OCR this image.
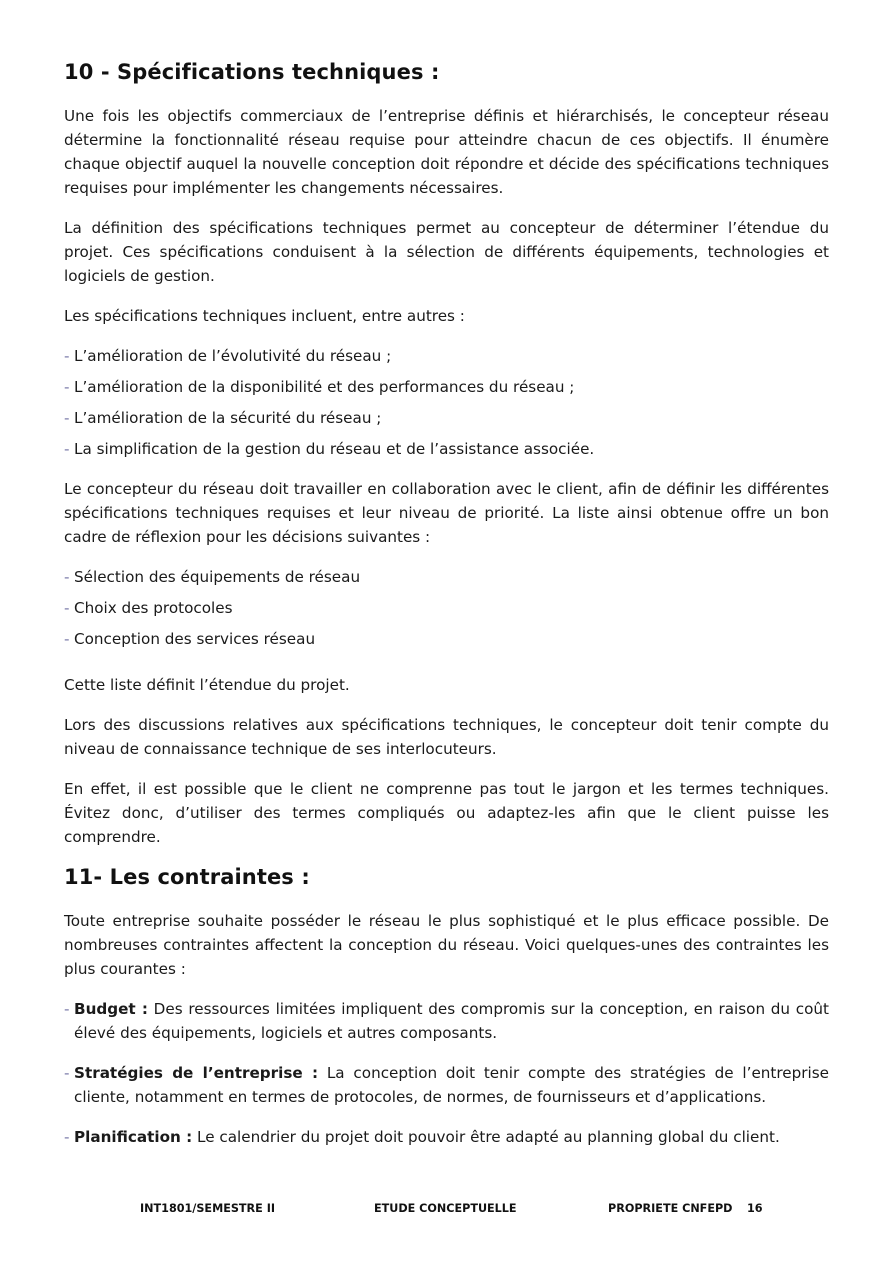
10 - Spécifications techniques :

Une fois les objectifs commerciaux de l’entreprise définis et hiérarchisés, le concepteur réseau détermine la fonctionnalité réseau requise pour atteindre chacun de ces objectifs. Il énumère chaque objectif auquel la nouvelle conception doit répondre et décide des spécifications techniques requises pour implémenter les changements nécessaires.

La définition des spécifications techniques permet au concepteur de déterminer l’étendue du projet. Ces spécifications conduisent à la sélection de différents équipements, technologies et logiciels de gestion.

Les spécifications techniques incluent, entre autres :

- L’amélioration de l’évolutivité du réseau ;
- L’amélioration de la disponibilité et des performances du réseau ;
- L’amélioration de la sécurité du réseau ;
- La simplification de la gestion du réseau et de l’assistance associée.

Le concepteur du réseau doit travailler en collaboration avec le client, afin de définir les différentes spécifications techniques requises et leur niveau de priorité. La liste ainsi obtenue offre un bon cadre de réflexion pour les décisions suivantes :

- Sélection des équipements de réseau
- Choix des protocoles
- Conception des services réseau

Cette liste définit l’étendue du projet.

Lors des discussions relatives aux spécifications techniques, le concepteur doit tenir compte du niveau de connaissance technique de ses interlocuteurs.

En effet, il est possible que le client ne comprenne pas tout le jargon et les termes techniques. Évitez donc, d’utiliser des termes compliqués ou adaptez-les afin que le client puisse les comprendre.

11- Les contraintes :

Toute entreprise souhaite posséder le réseau le plus sophistiqué et le plus efficace possible. De nombreuses contraintes affectent la conception du réseau. Voici quelques-unes des contraintes les plus courantes :

- Budget : Des ressources limitées impliquent des compromis sur la conception, en raison du coût élevé des équipements, logiciels et autres composants.
- Stratégies de l’entreprise : La conception doit tenir compte des stratégies de l’entreprise cliente, notamment en termes de protocoles, de normes, de fournisseurs et d’applications.
- Planification : Le calendrier du projet doit pouvoir être adapté au planning global du client.
INT1801/SEMESTRE II	ETUDE CONCEPTUELLE	PROPRIETE CNFEPD 16
